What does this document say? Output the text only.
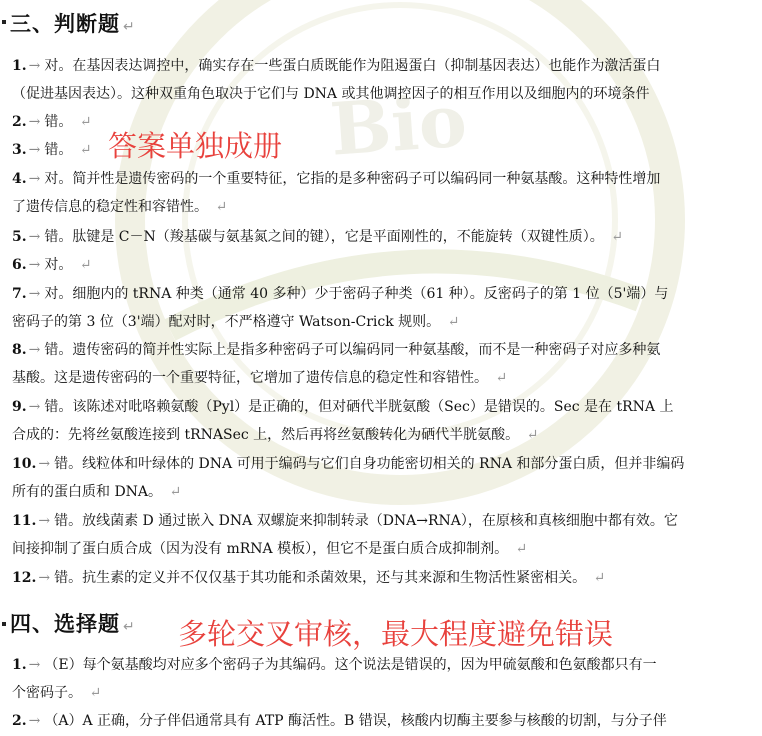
Bio
三、判断题 ↵
1. → 对。在基因表达调控中，确实存在一些蛋白质既能作为阻遏蛋白（抑制基因表达）也能作为激活蛋白
（促进基因表达）。这种双重角色取决于它们与 DNA 或其他调控因子的相互作用以及细胞内的环境条件
2. → 错。 ↵
3. → 错。 ↵
4. → 对。简并性是遗传密码的一个重要特征，它指的是多种密码子可以编码同一种氨基酸。这种特性增加
了遗传信息的稳定性和容错性。 ↵
5. → 错。肽键是 C－N（羧基碳与氨基氮之间的键），它是平面刚性的，不能旋转（双键性质）。 ↵
6. → 对。 ↵
7. → 对。细胞内的 tRNA 种类（通常 40 多种）少于密码子种类（61 种）。反密码子的第 1 位（5'端）与
密码子的第 3 位（3'端）配对时，不严格遵守 Watson-Crick 规则。 ↵
8. → 错。遗传密码的简并性实际上是指多种密码子可以编码同一种氨基酸，而不是一种密码子对应多种氨
基酸。这是遗传密码的一个重要特征，它增加了遗传信息的稳定性和容错性。 ↵
9. → 错。该陈述对吡咯赖氨酸（Pyl）是正确的，但对硒代半胱氨酸（Sec）是错误的。Sec 是在 tRNA 上
合成的：先将丝氨酸连接到 tRNASec 上，然后再将丝氨酸转化为硒代半胱氨酸。 ↵
10. → 错。线粒体和叶绿体的 DNA 可用于编码与它们自身功能密切相关的 RNA 和部分蛋白质，但并非编码
所有的蛋白质和 DNA。 ↵
11. → 错。放线菌素 D 通过嵌入 DNA 双螺旋来抑制转录（DNA→RNA），在原核和真核细胞中都有效。它
间接抑制了蛋白质合成（因为没有 mRNA 模板），但它不是蛋白质合成抑制剂。 ↵
12. → 错。抗生素的定义并不仅仅基于其功能和杀菌效果，还与其来源和生物活性紧密相关。 ↵
1. → （E）每个氨基酸均对应多个密码子为其编码。这个说法是错误的，因为甲硫氨酸和色氨酸都只有一
个密码子。 ↵
2. → （A）A 正确，分子伴侣通常具有 ATP 酶活性。B 错误，核酸内切酶主要参与核酸的切割，与分子伴
四、选择题 ↵
答案单独成册
多轮交叉审核，最大程度避免错误
